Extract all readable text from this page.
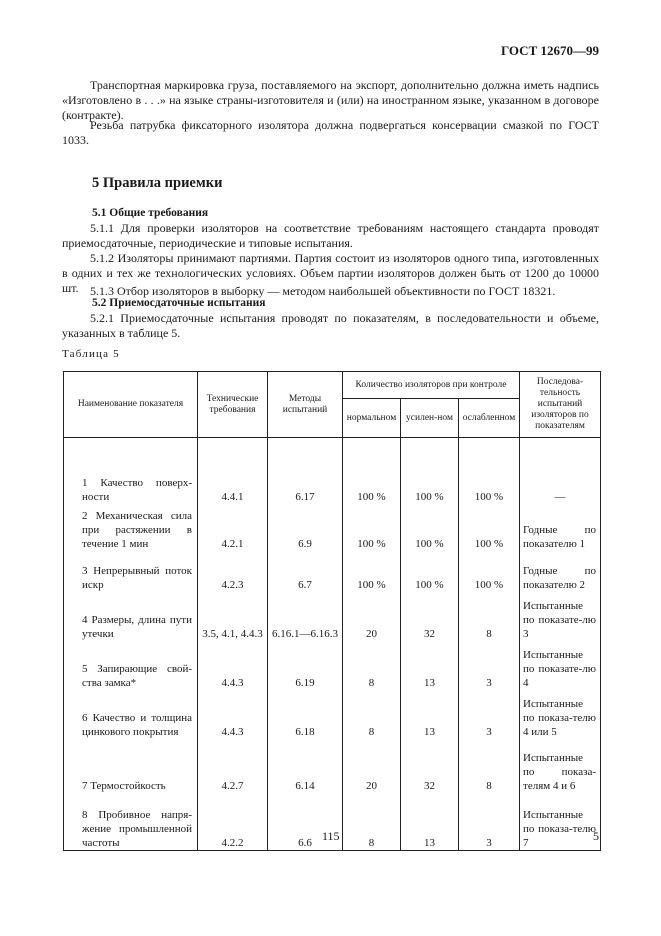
ГОСТ 12670—99
Транспортная маркировка груза, поставляемого на экспорт, дополнительно должна иметь надпись «Изготовлено в . . .» на языке страны-изготовителя и (или) на иностранном языке, указанном в договоре (контракте).
Резьба патрубка фиксаторного изолятора должна подвергаться консервации смазкой по ГОСТ 1033.
5 Правила приемки
5.1 Общие требования
5.1.1 Для проверки изоляторов на соответствие требованиям настоящего стандарта проводят приемосдаточные, периодические и типовые испытания.
5.1.2 Изоляторы принимают партиями. Партия состоит из изоляторов одного типа, изготовленных в одних и тех же технологических условиях. Объем партии изоляторов должен быть от 1200 до 10000 шт. 5.1.3 Отбор изоляторов в выборку — методом наибольшей объективности по ГОСТ 18321.
5.2 Приемосдаточные испытания
5.2.1 Приемосдаточные испытания проводят по показателям, в последовательности и объеме, указанных в таблице 5.
Таблица 5
Наименование показателя	Технические требования	Методы испытаний	Количество изоляторов при контроле			Последова-тельность испытаний изоляторов по показателям
			нормальном	усилен-ном	ослабленном	
1 Качество поверх-ности	4.4.1	6.17	100 %	100 %	100 %	—
2 Механическая сила при растяжении в течение 1 мин	4.2.1	6.9	100 %	100 %	100 %	Годные по показателю 1
3 Непрерывный поток искр	4.2.3	6.7	100 %	100 %	100 %	Годные по показателю 2
4 Размеры, длина пути утечки	3.5, 4.1, 4.4.3	6.16.1—6.16.3	20	32	8	Испытанные по показате-лю 3
5 Запирающие свой-ства замка*	4.4.3	6.19	8	13	3	Испытанные по показате-лю 4
6 Качество и толщина цинкового покрытия	4.4.3	6.18	8	13	3	Испытанные по показа-телю 4 или 5
7 Термостойкость	4.2.7	6.14	20	32	8	Испытанные по показа-телям 4 и 6
8 Пробивное напря-жение промышленной частоты	4.2.2	6.6	8	13	3	Испытанные по показа-телю 7
115	5
